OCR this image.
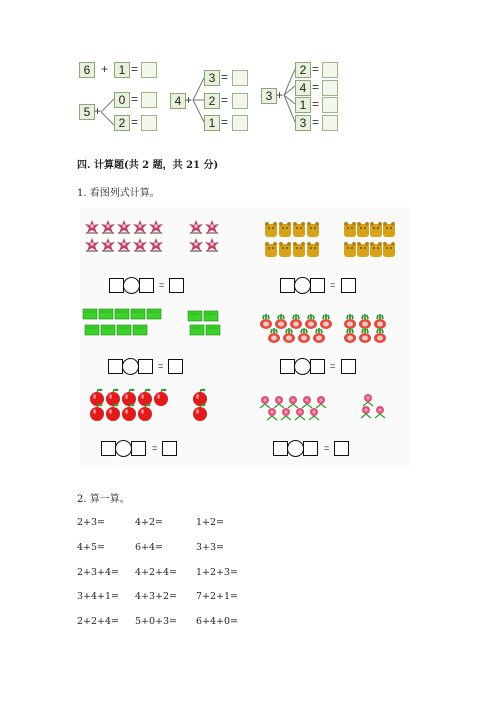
6 + 1 =
5 +
0 =
2 =
4 +
3 =
2 =
1 =
3 +
2 =
4 =
1 =
3 =
四. 计算题(共 2 题，共 21 分)
1. 看图列式计算。
=	=
=	=
=	=
2. 算一算。
2+3=	4+2=	1+2=
4+5=	6+4=	3+3=
2+3+4= 4+2+4= 1+2+3=
3+4+1= 4+3+2= 7+2+1=
2+2+4= 5+0+3= 6+4+0=
